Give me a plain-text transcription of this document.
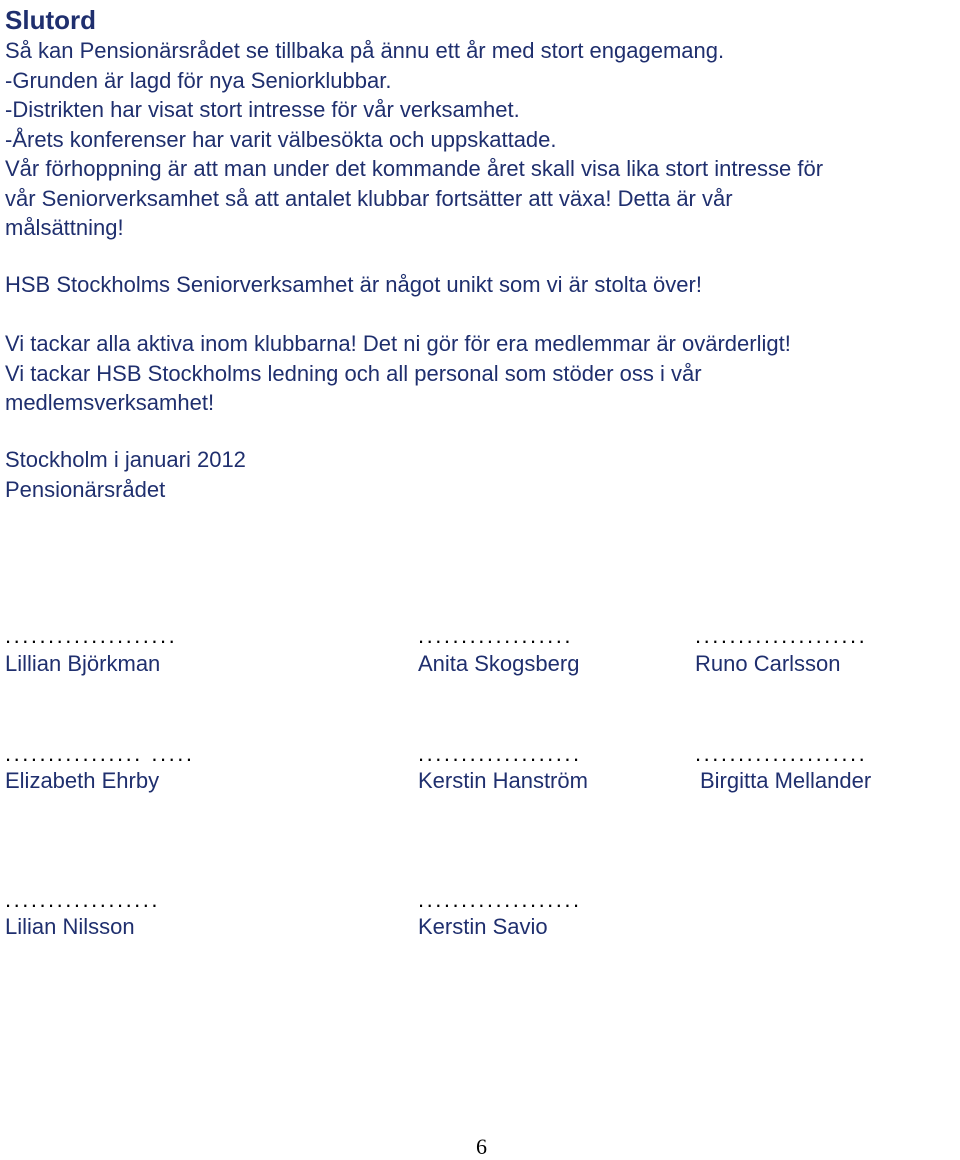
Slutord
Så kan Pensionärsrådet se tillbaka på ännu ett år med stort engagemang.
-Grunden är lagd för nya Seniorklubbar.
-Distrikten har visat stort intresse för vår verksamhet.
-Årets konferenser har varit välbesökta och uppskattade.
Vår förhoppning är att man under det kommande året skall visa lika stort intresse för
vår Seniorverksamhet så att antalet klubbar fortsätter att växa! Detta är vår
målsättning!
HSB Stockholms Seniorverksamhet är något unikt som vi är stolta över!
Vi tackar alla aktiva inom klubbarna! Det ni gör för era medlemmar är ovärderligt!
Vi tackar HSB Stockholms ledning och all personal som stöder oss i vår
medlemsverksamhet!
Stockholm i januari 2012
Pensionärsrådet
....................	..................	....................
Lillian Björkman	Anita Skogsberg	Runo Carlsson
................ .....	...................	....................
Elizabeth Ehrby	Kerstin Hanström	Birgitta Mellander
..................	...................
Lilian Nilsson	Kerstin Savio
6
